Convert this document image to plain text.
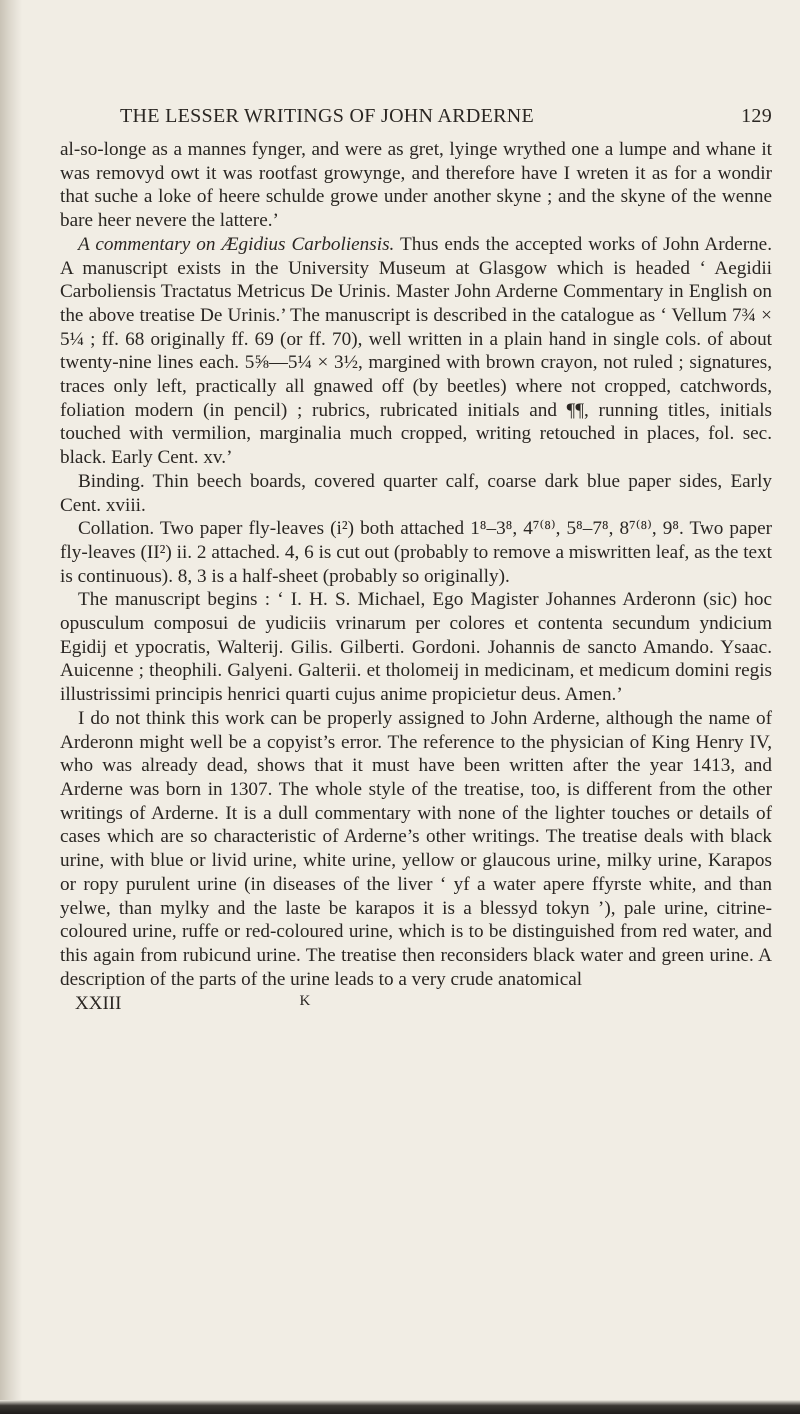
THE LESSER WRITINGS OF JOHN ARDERNE	129

al-so-longe as a mannes fynger, and were as gret, lyinge wrythed one a lumpe and whane it was removyd owt it was rootfast growynge, and therefore have I wreten it as for a wondir that suche a loke of heere schulde growe under another skyne ; and the skyne of the wenne bare heer nevere the lattere.’

A commentary on Ægidius Carboliensis. Thus ends the accepted works of John Arderne. A manuscript exists in the University Museum at Glasgow which is headed ‘ Aegidii Carboliensis Tractatus Metricus De Urinis. Master John Arderne Commentary in English on the above treatise De Urinis.’ The manuscript is described in the catalogue as ‘ Vellum 7¾ × 5¼ ; ff. 68 originally ff. 69 (or ff. 70), well written in a plain hand in single cols. of about twenty-nine lines each. 5⅝—5¼ × 3½, margined with brown crayon, not ruled ; signatures, traces only left, practically all gnawed off (by beetles) where not cropped, catchwords, foliation modern (in pencil) ; rubrics, rubricated initials and ¶¶, running titles, initials touched with vermilion, marginalia much cropped, writing retouched in places, fol. sec. black. Early Cent. xv.’

Binding. Thin beech boards, covered quarter calf, coarse dark blue paper sides, Early Cent. xviii.

Collation. Two paper fly-leaves (i²) both attached 1⁸–3⁸, 4⁷⁽⁸⁾, 5⁸–7⁸, 8⁷⁽⁸⁾, 9⁸. Two paper fly-leaves (II²) ii. 2 attached. 4, 6 is cut out (probably to remove a miswritten leaf, as the text is continuous). 8, 3 is a half-sheet (probably so originally).

The manuscript begins : ‘ I. H. S. Michael, Ego Magister Johannes Arderonn (sic) hoc opusculum composui de yudiciis vrinarum per colores et contenta secundum yndicium Egidij et ypocratis, Walterij. Gilis. Gilberti. Gordoni. Johannis de sancto Amando. Ysaac. Auicenne ; theophili. Galyeni. Galterii. et tholomeij in medicinam, et medicum domini regis illustrissimi principis henrici quarti cujus anime propicietur deus. Amen.’

I do not think this work can be properly assigned to John Arderne, although the name of Arderonn might well be a copyist’s error. The reference to the physician of King Henry IV, who was already dead, shows that it must have been written after the year 1413, and Arderne was born in 1307. The whole style of the treatise, too, is different from the other writings of Arderne. It is a dull commentary with none of the lighter touches or details of cases which are so characteristic of Arderne’s other writings. The treatise deals with black urine, with blue or livid urine, white urine, yellow or glaucous urine, milky urine, Karapos or ropy purulent urine (in diseases of the liver ‘ yf a water apere ffyrste white, and than yelwe, than mylky and the laste be karapos it is a blessyd tokyn ’), pale urine, citrine-coloured urine, ruffe or red-coloured urine, which is to be distinguished from red water, and this again from rubicund urine. The treatise then reconsiders black water and green urine. A description of the parts of the urine leads to a very crude anatomical

XXIII	K
